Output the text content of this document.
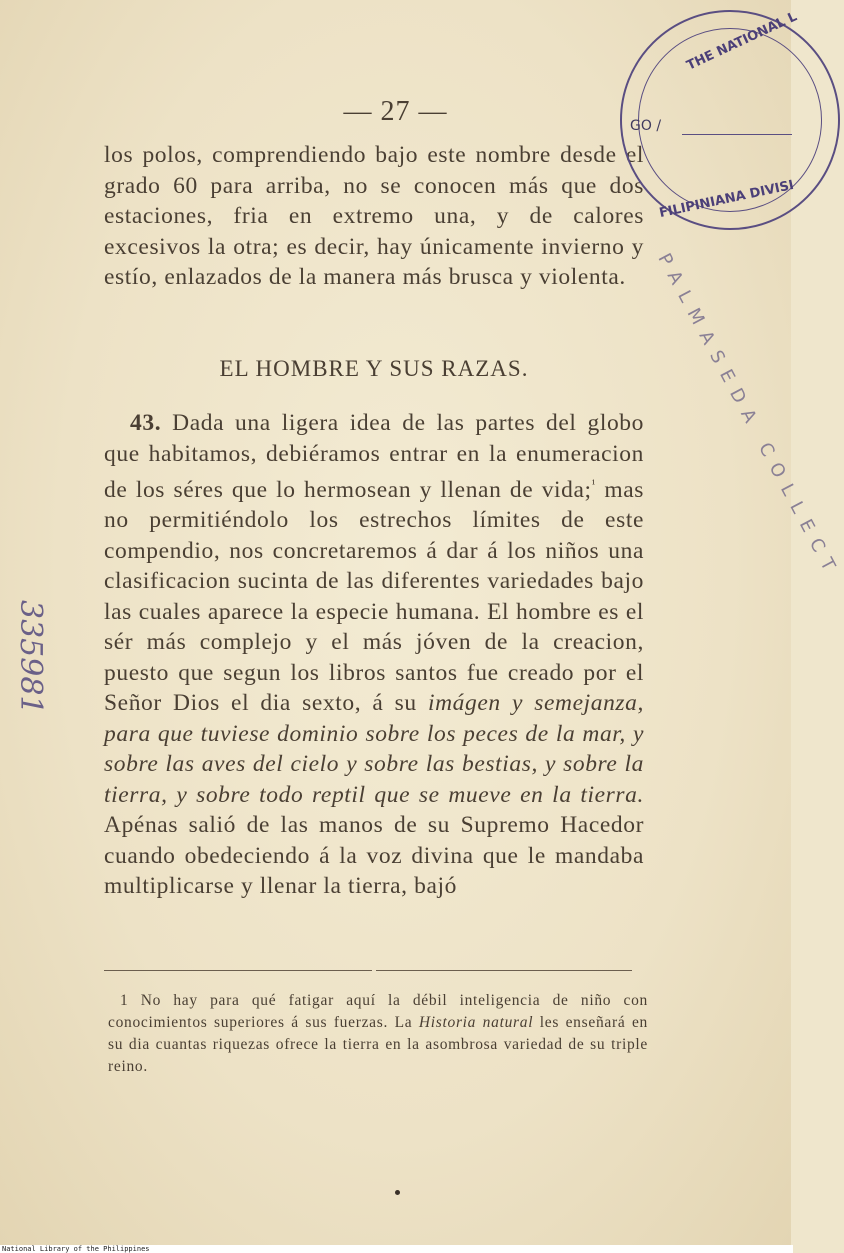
— 27 —

los polos, comprendiendo bajo este nombre desde el grado 60 para arriba, no se conocen más que dos estaciones, fria en extremo una, y de calores excesivos la otra; es decir, hay únicamente invierno y estío, enlazados de la manera más brusca y violenta.

EL HOMBRE Y SUS RAZAS.

43. Dada una ligera idea de las partes del globo que habitamos, debiéramos entrar en la enumeracion de los séres que lo hermosean y llenan de vida;$^{^1}$ mas no permitiéndolo los estrechos límites de este compendio, nos concretaremos á dar á los niños una clasificacion sucinta de las diferentes variedades bajo las cuales aparece la especie humana. El hombre es el sér más complejo y el más jóven de la creacion, puesto que segun los libros santos fue creado por el Señor Dios el dia sexto, á su imágen y semejanza, para que tuviese dominio sobre los peces de la mar, y sobre las aves del cielo y sobre las bestias, y sobre la tierra, y sobre todo reptil que se mueve en la tierra. Apénas salió de las manos de su Supremo Hacedor cuando obedeciendo á la voz divina que le mandaba multiplicarse y llenar la tierra, bajó

1 No hay para qué fatigar aquí la débil inteligencia de niño con conocimientos superiores á sus fuerzas. La Historia natural les enseñará en su dia cuantas riquezas ofrece la tierra en la asombrosa variedad de su triple reino.

THE NATIONAL L
GO /
FILIPINIANA DIVISI
PALMASEDA COLLECT
335981
National Library of the Philippines
